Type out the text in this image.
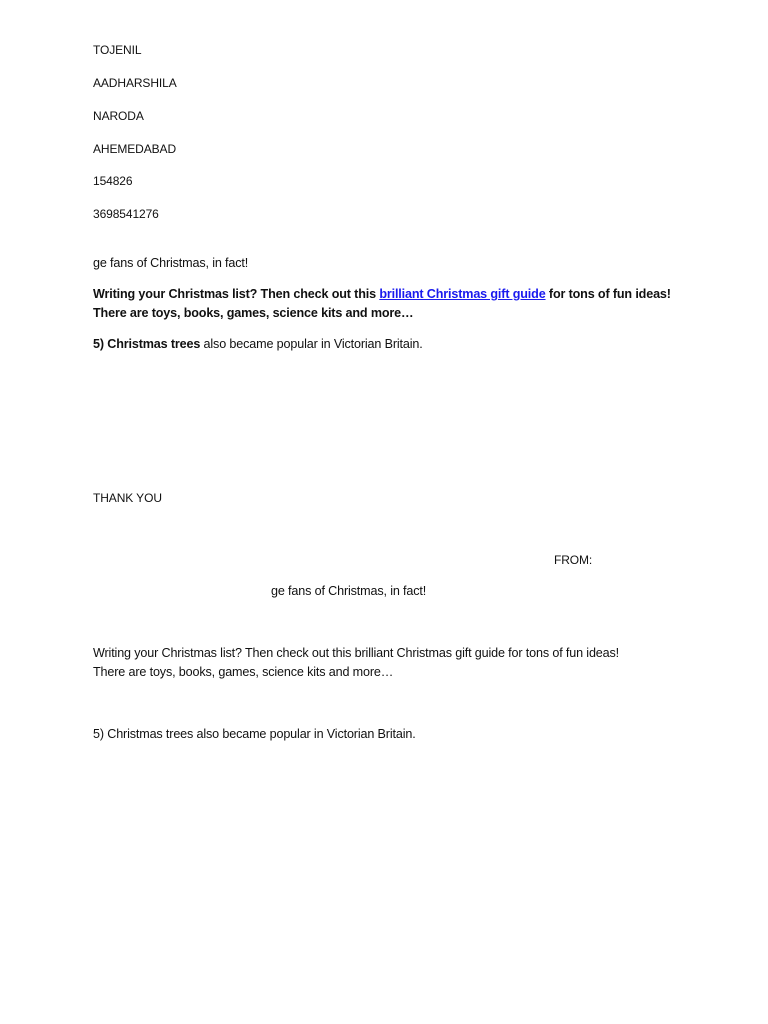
TOJENIL
AADHARSHILA
NARODA
AHEMEDABAD
154826
3698541276
ge fans of Christmas, in fact!
Writing your Christmas list? Then check out this brilliant Christmas gift guide for tons of fun ideas!
There are toys, books, games, science kits and more…
5) Christmas trees also became popular in Victorian Britain.
THANK YOU
FROM:
ge fans of Christmas, in fact!
Writing your Christmas list? Then check out this brilliant Christmas gift guide for tons of fun ideas!
There are toys, books, games, science kits and more…
5) Christmas trees also became popular in Victorian Britain.
